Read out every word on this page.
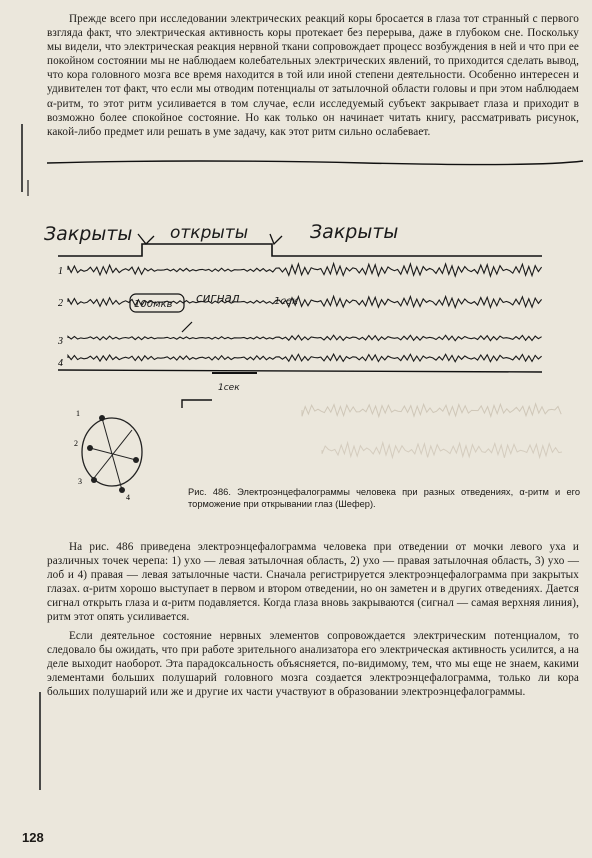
Прежде всего при исследовании электрических реакций коры бросается в глаза тот странный с первого взгляда факт, что электрическая активность коры протекает без перерыва, даже в глубоком сне. Поскольку мы видели, что электрическая реакция нервной ткани сопровождает процесс возбуждения в ней и что при ее покойном состоянии мы не наблюдаем колебательных электрических явлений, то приходится сделать вывод, что кора головного мозга все время находится в той или иной степени деятельности. Особенно интересен и удивителен тот факт, что если мы отводим потенциалы от затылочной области головы и при этом наблюдаем α-ритм, то этот ритм усиливается в том случае, если исследуемый субъект закрывает глаза и приходит в возможно более спокойное состояние. Но как только он начинает читать книгу, рассматривать рисунок, какой-либо предмет или решать в уме задачу, как этот ритм сильно ослабевает.

Закрыты открыты	Закрыты
1
2
3
4
100мкв сигнал	1сек
1сек
1
2
3
4
Рис. 486. Электроэнцефалограммы человека при разных отведениях, α-ритм и его торможение при открывании глаз (Шефер).

На рис. 486 приведена электроэнцефалограмма человека при отведении от мочки левого уха и различных точек черепа: 1) ухо — левая затылочная область, 2) ухо — правая затылочная область, 3) ухо — лоб и 4) правая — левая затылочные части. Сначала регистрируется электроэнцефалограмма при закрытых глазах. α-ритм хорошо выступает в первом и втором отведении, но он заметен и в других отведениях. Дается сигнал открыть глаза и α-ритм подавляется. Когда глаза вновь закрываются (сигнал — самая верхняя линия), ритм этот опять усиливается.

Если деятельное состояние нервных элементов сопровождается электрическим потенциалом, то следовало бы ожидать, что при работе зрительного анализатора его электрическая активность усилится, а на деле выходит наоборот. Эта парадоксальность объясняется, по-видимому, тем, что мы еще не знаем, какими элементами больших полушарий головного мозга создается электроэнцефалограмма, только ли кора больших полушарий или же и другие их части участвуют в образовании электроэнцефалограммы.

128
